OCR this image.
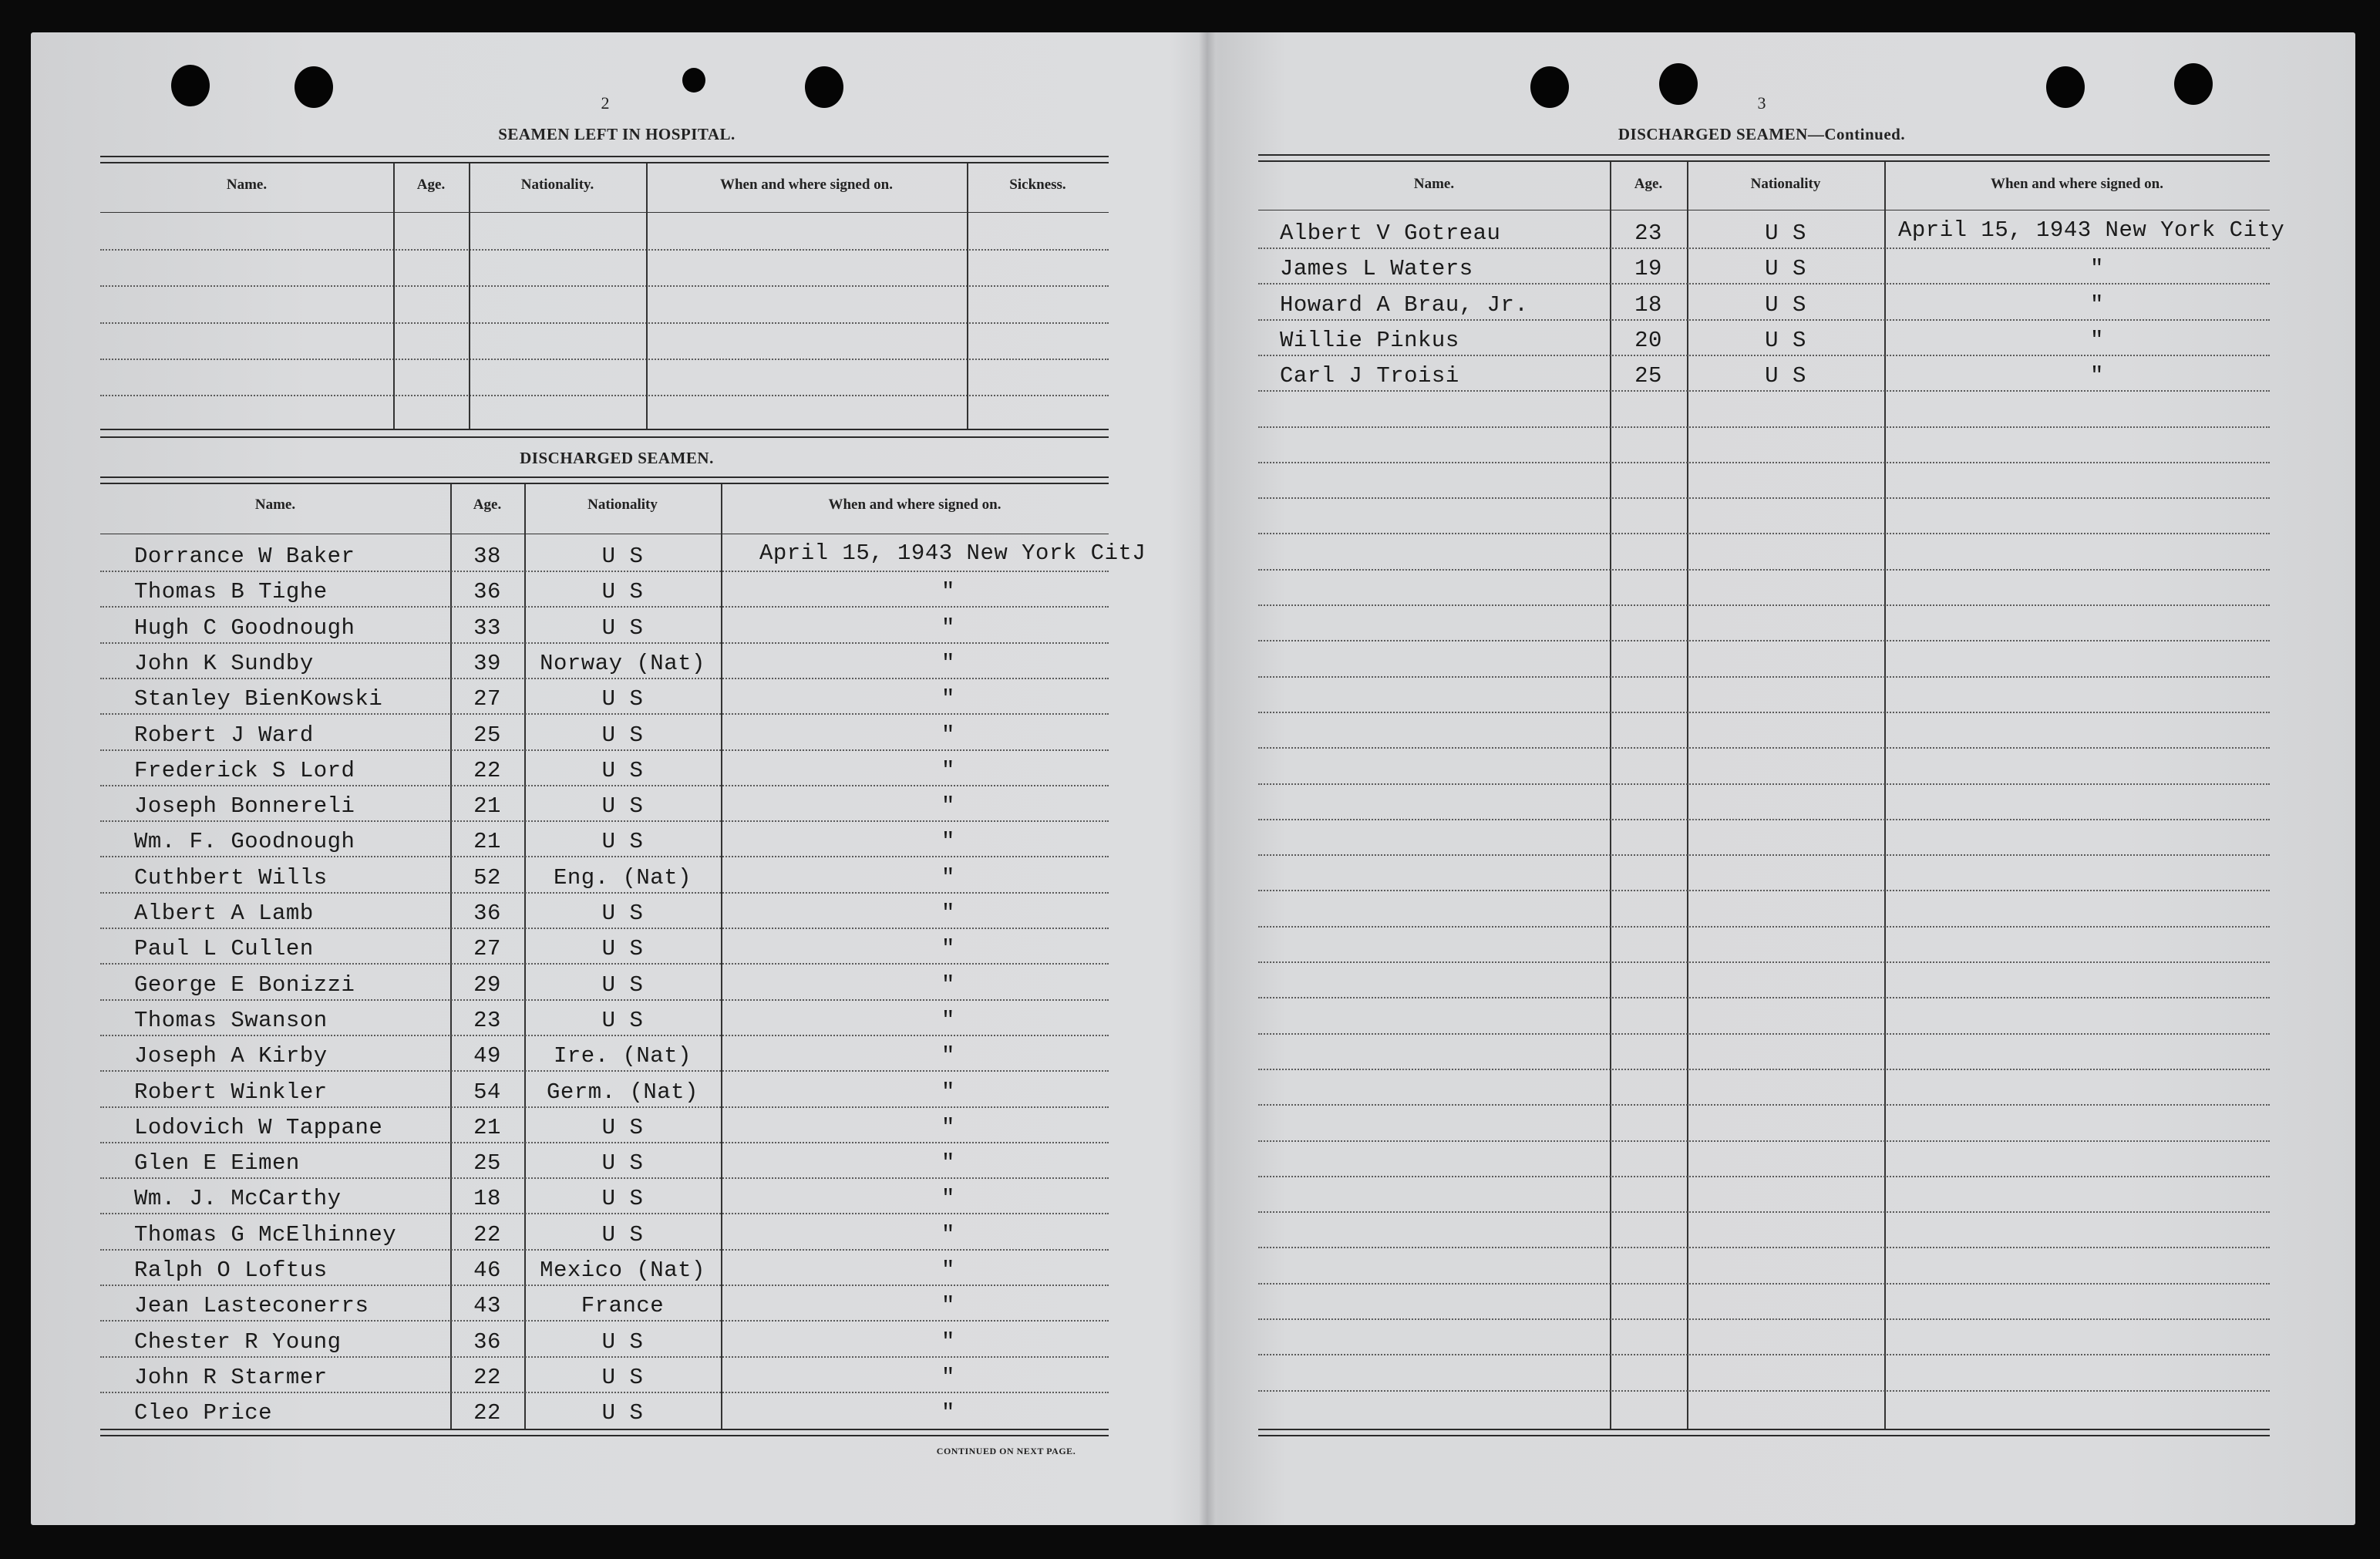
2
SEAMEN LEFT IN HOSPITAL.
Name.	Age.	Nationality.	When and where signed on.	Sickness.
DISCHARGED SEAMEN.
Name.	Age.	Nationality	When and where signed on.
Dorrance W Baker	38	U S	April 15, 1943 New York CitJ
Thomas B Tighe	36	U S	"
Hugh C Goodnough	33	U S	"
John K Sundby	39	Norway (Nat)	"
Stanley BienKowski	27	U S	"
Robert J Ward	25	U S	"
Frederick S Lord	22	U S	"
Joseph Bonnereli	21	U S	"
Wm. F. Goodnough	21	U S	"
Cuthbert Wills	52	Eng. (Nat)	"
Albert A Lamb	36	U S	"
Paul L Cullen	27	U S	"
George E Bonizzi	29	U S	"
Thomas Swanson	23	U S	"
Joseph A Kirby	49	Ire. (Nat)	"
Robert Winkler	54	Germ. (Nat)	"
Lodovich W Tappane	21	U S	"
Glen E Eimen	25	U S	"
Wm. J. McCarthy	18	U S	"
Thomas G McElhinney	22	U S	"
Ralph O Loftus	46	Mexico (Nat)	"
Jean Lasteconerrs	43	France	"
Chester R Young	36	U S	"
John R Starmer	22	U S	"
Cleo Price	22	U S	"
CONTINUED ON NEXT PAGE.
3
DISCHARGED SEAMEN—Continued.
Name.	Age.	Nationality	When and where signed on.
Albert V Gotreau	23	U S	April 15, 1943 New York City
James L Waters	19	U S	"
Howard A Brau, Jr.	18	U S	"
Willie Pinkus	20	U S	"
Carl J Troisi	25	U S	"
